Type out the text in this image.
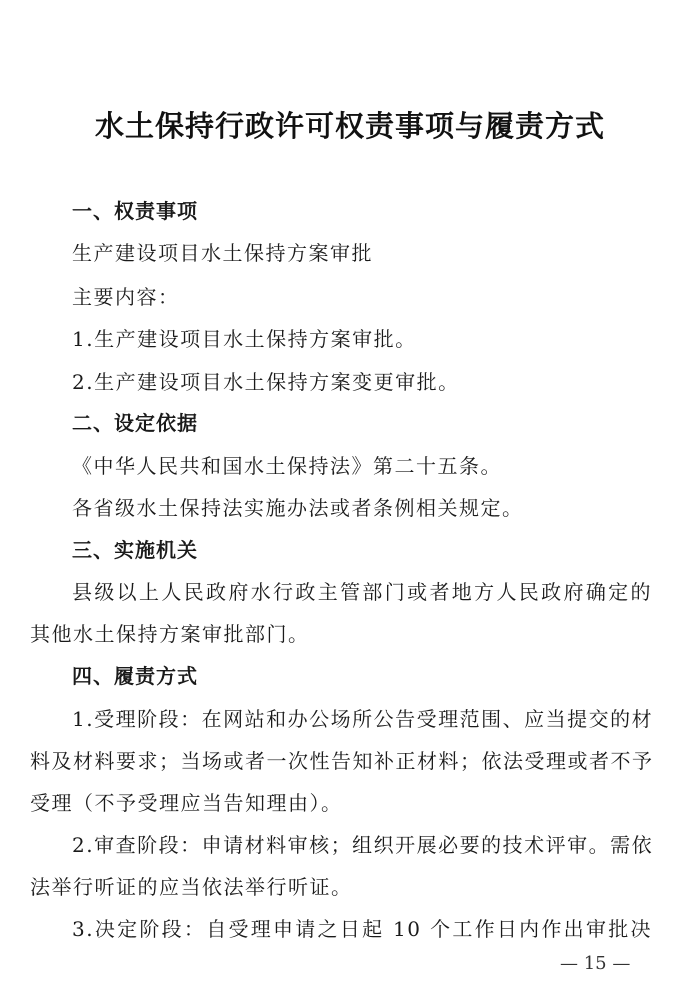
水土保持行政许可权责事项与履责方式
一、权责事项
生产建设项目水土保持方案审批
主要内容：
1.生产建设项目水土保持方案审批。
2.生产建设项目水土保持方案变更审批。
二、设定依据
《中华人民共和国水土保持法》第二十五条。
各省级水土保持法实施办法或者条例相关规定。
三、实施机关
县级以上人民政府水行政主管部门或者地方人民政府确定的
其他水土保持方案审批部门。
四、履责方式
1.受理阶段：在网站和办公场所公告受理范围、应当提交的材
料及材料要求；当场或者一次性告知补正材料；依法受理或者不予
受理（不予受理应当告知理由）。
2.审查阶段：申请材料审核；组织开展必要的技术评审。需依
法举行听证的应当依法举行听证。
3.决定阶段：自受理申请之日起 10 个工作日内作出审批决
— 15 —
